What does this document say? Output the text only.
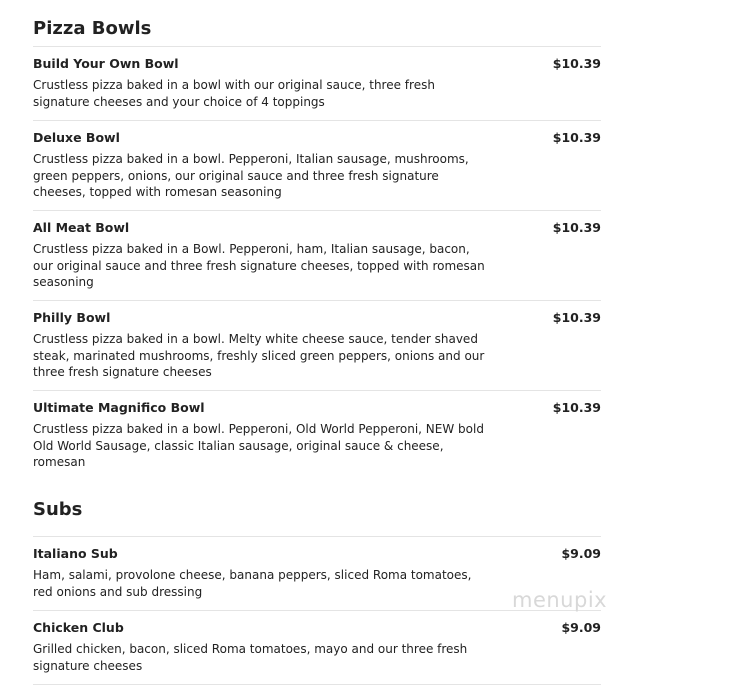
Pizza Bowls
Build Your Own Bowl	$10.39
Crustless pizza baked in a bowl with our original sauce, three fresh signature cheeses and your choice of 4 toppings
Deluxe Bowl	$10.39
Crustless pizza baked in a bowl. Pepperoni, Italian sausage, mushrooms, green peppers, onions, our original sauce and three fresh signature cheeses, topped with romesan seasoning
All Meat Bowl	$10.39
Crustless pizza baked in a Bowl. Pepperoni, ham, Italian sausage, bacon, our original sauce and three fresh signature cheeses, topped with romesan seasoning
Philly Bowl	$10.39
Crustless pizza baked in a bowl. Melty white cheese sauce, tender shaved steak, marinated mushrooms, freshly sliced green peppers, onions and our three fresh signature cheeses
Ultimate Magnifico Bowl	$10.39
Crustless pizza baked in a bowl. Pepperoni, Old World Pepperoni, NEW bold Old World Sausage, classic Italian sausage, original sauce & cheese, romesan
Subs
Italiano Sub	$9.09
Ham, salami, provolone cheese, banana peppers, sliced Roma tomatoes, red onions and sub dressing
Chicken Club	$9.09
Grilled chicken, bacon, sliced Roma tomatoes, mayo and our three fresh signature cheeses
menupix
